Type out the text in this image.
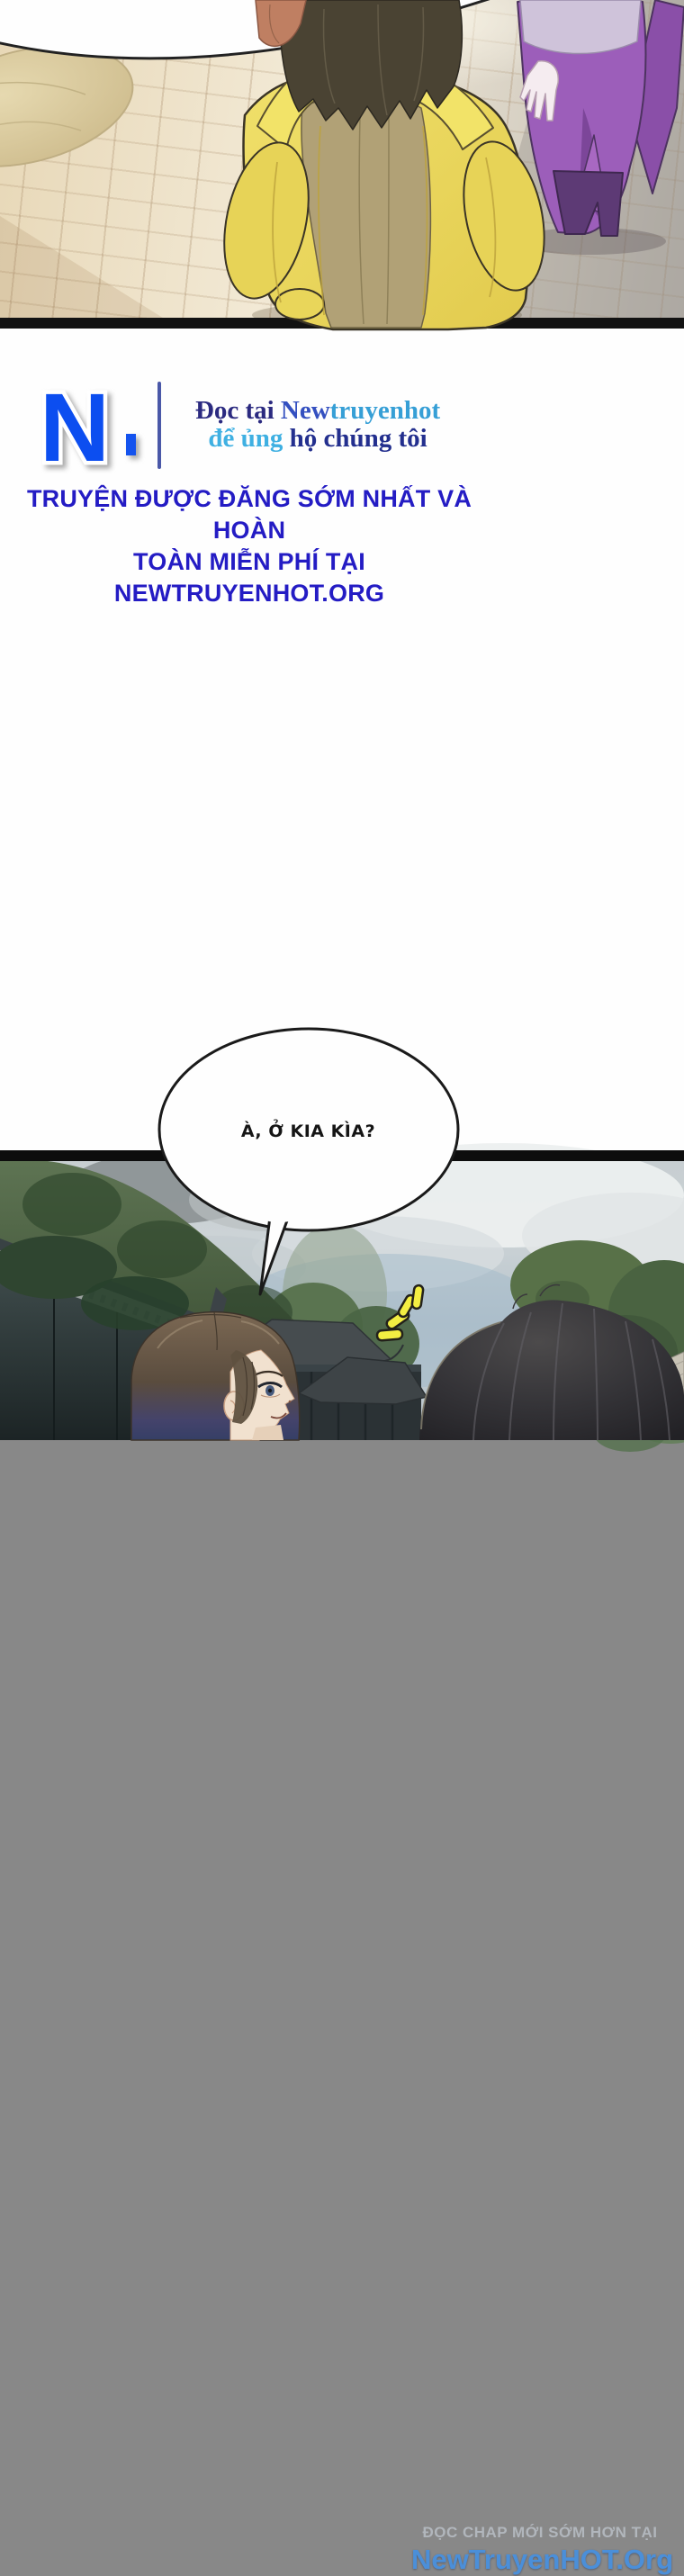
N	Đọc tại Newtruyenhot
để ủng hộ chúng tôi
TRUYỆN ĐƯỢC ĐĂNG SỚM NHẤT VÀ HOÀN
TOÀN MIỄN PHÍ TẠI NEWTRUYENHOT.ORG
ĐỌC CHAP MỚI SỚM HƠN TẠI
NewTruyenHOT.Org
À, Ở KIA KÌA?
